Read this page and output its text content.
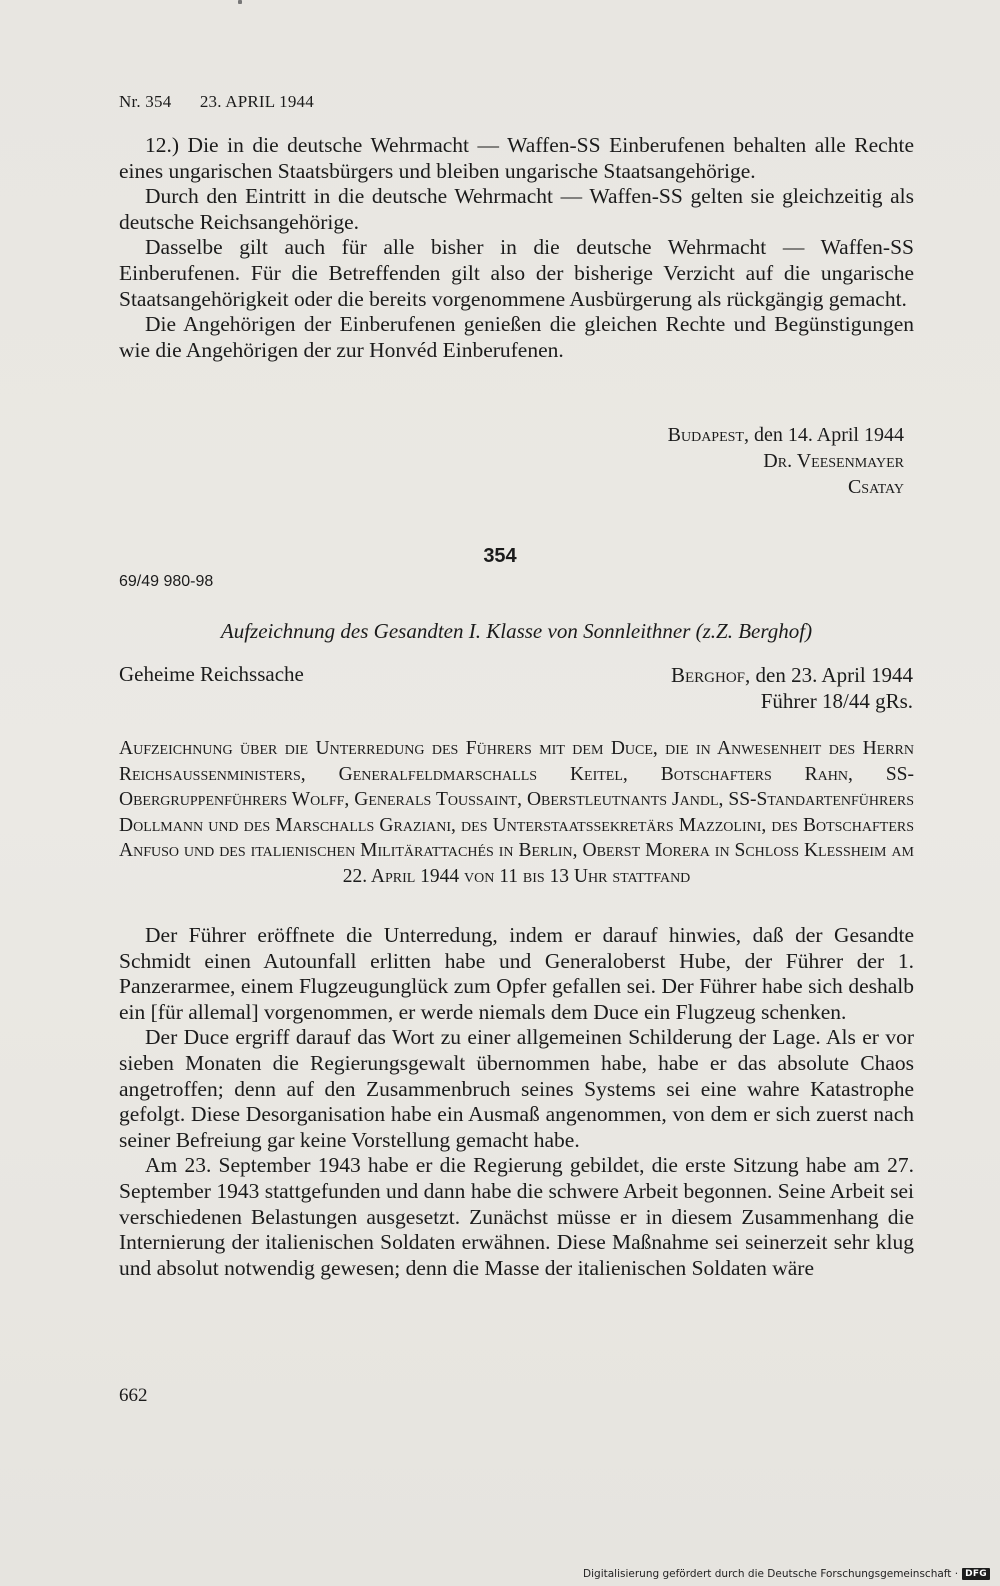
Nr. 354 23. APRIL 1944

12.) Die in die deutsche Wehrmacht — Waffen-SS Einberufenen behalten alle Rechte eines ungarischen Staatsbürgers und bleiben ungarische Staatsangehörige.

Durch den Eintritt in die deutsche Wehrmacht — Waffen-SS gelten sie gleichzeitig als deutsche Reichsangehörige.

Dasselbe gilt auch für alle bisher in die deutsche Wehrmacht — Waffen-SS Einberufenen. Für die Betreffenden gilt also der bisherige Verzicht auf die ungarische Staatsangehörigkeit oder die bereits vorgenommene Ausbürgerung als rückgängig gemacht.

Die Angehörigen der Einberufenen genießen die gleichen Rechte und Begünstigungen wie die Angehörigen der zur Honvéd Einberufenen.

Budapest, den 14. April 1944
Dr. Veesenmayer
Csatay
354
69/49 980-98
Aufzeichnung des Gesandten I. Klasse von Sonnleithner (z.Z. Berghof)
Geheime Reichssache	Berghof, den 23. April 1944
Führer 18/44 gRs.
Aufzeichnung über die Unterredung des Führers mit dem Duce, die in Anwesenheit des Herrn Reichsaussenministers, Generalfeldmarschalls Keitel, Botschafters Rahn, SS-Obergruppenführers Wolff, Generals Toussaint, Oberstleutnants Jandl, SS-Standartenführers Dollmann und des Marschalls Graziani, des Unterstaatssekretärs Mazzolini, des Botschafters Anfuso und des italienischen Militärattachés in Berlin, Oberst Morera in Schloss Klessheim am 22. April 1944 von 11 bis 13 Uhr stattfand

Der Führer eröffnete die Unterredung, indem er darauf hinwies, daß der Gesandte Schmidt einen Autounfall erlitten habe und Generaloberst Hube, der Führer der 1. Panzerarmee, einem Flugzeugunglück zum Opfer gefallen sei. Der Führer habe sich deshalb ein [für allemal] vorgenommen, er werde niemals dem Duce ein Flugzeug schenken.

Der Duce ergriff darauf das Wort zu einer allgemeinen Schilderung der Lage. Als er vor sieben Monaten die Regierungsgewalt übernommen habe, habe er das absolute Chaos angetroffen; denn auf den Zusammenbruch seines Systems sei eine wahre Katastrophe gefolgt. Diese Desorganisation habe ein Ausmaß angenommen, von dem er sich zuerst nach seiner Befreiung gar keine Vorstellung gemacht habe.

Am 23. September 1943 habe er die Regierung gebildet, die erste Sitzung habe am 27. September 1943 stattgefunden und dann habe die schwere Arbeit begonnen. Seine Arbeit sei verschiedenen Belastungen ausgesetzt. Zunächst müsse er in diesem Zusammenhang die Internierung der italienischen Soldaten erwähnen. Diese Maßnahme sei seinerzeit sehr klug und absolut notwendig gewesen; denn die Masse der italienischen Soldaten wäre

662
Digitalisierung gefördert durch die Deutsche Forschungsgemeinschaft · DFG
